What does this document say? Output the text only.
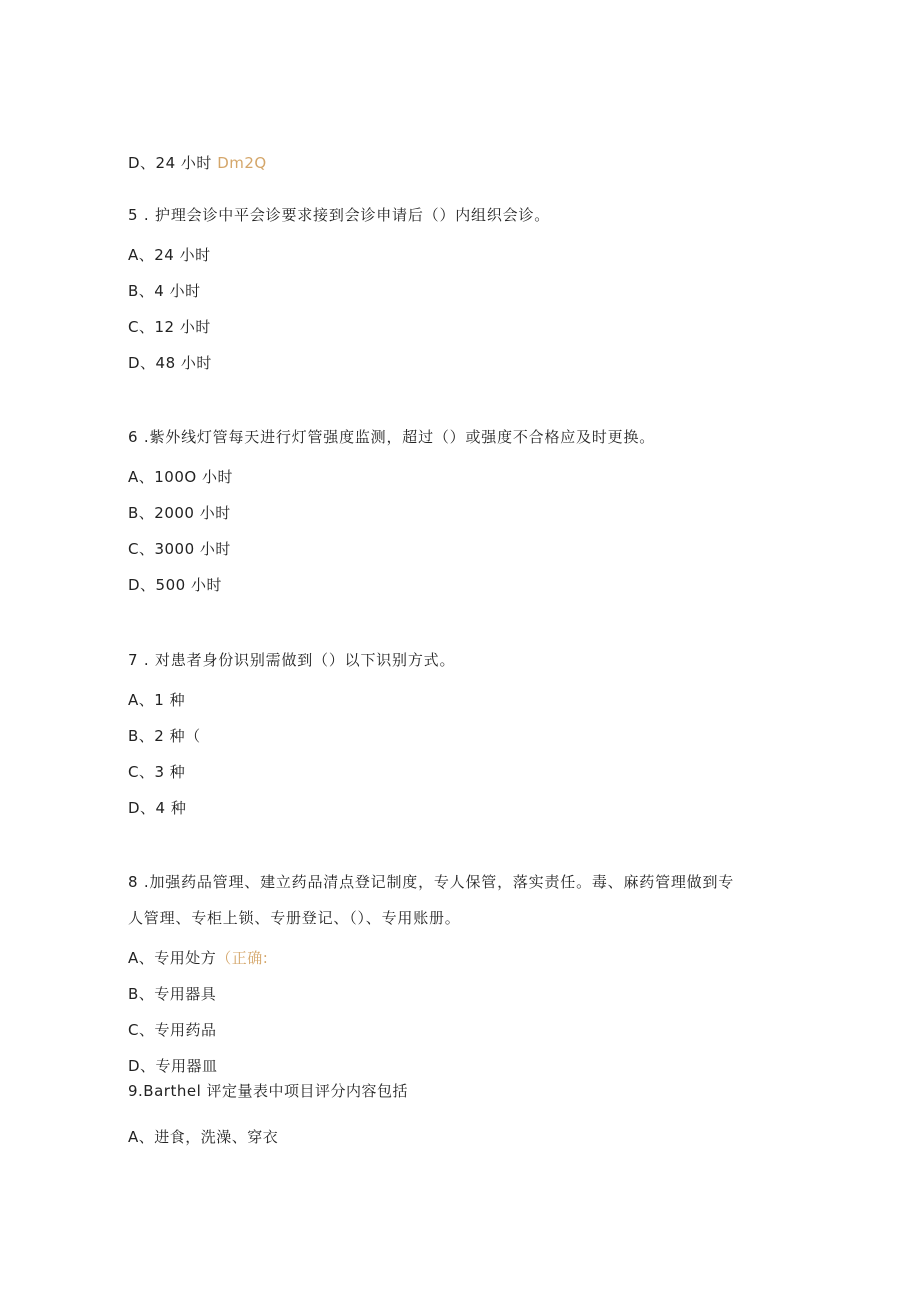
D、24 小时 Dm2Q
5 . 护理会诊中平会诊要求接到会诊申请后（）内组织会诊。
A、24 小时
B、4 小时
C、12 小时
D、48 小时
6 .紫外线灯管每天进行灯管强度监测，超过（）或强度不合格应及时更换。
A、100O 小时
B、2000 小时
C、3000 小时
D、500 小时
7 . 对患者身份识别需做到（）以下识别方式。
A、1 种
B、2 种（
C、3 种
D、4 种
8 .加强药品管理、建立药品清点登记制度，专人保管，落实责任。毒、麻药管理做到专
人管理、专柜上锁、专册登记、（）、专用账册。
A、专用处方（正确:
B、专用器具
C、专用药品
D、专用器皿
9.Barthel 评定量表中项目评分内容包括
A、进食，洗澡、穿衣
